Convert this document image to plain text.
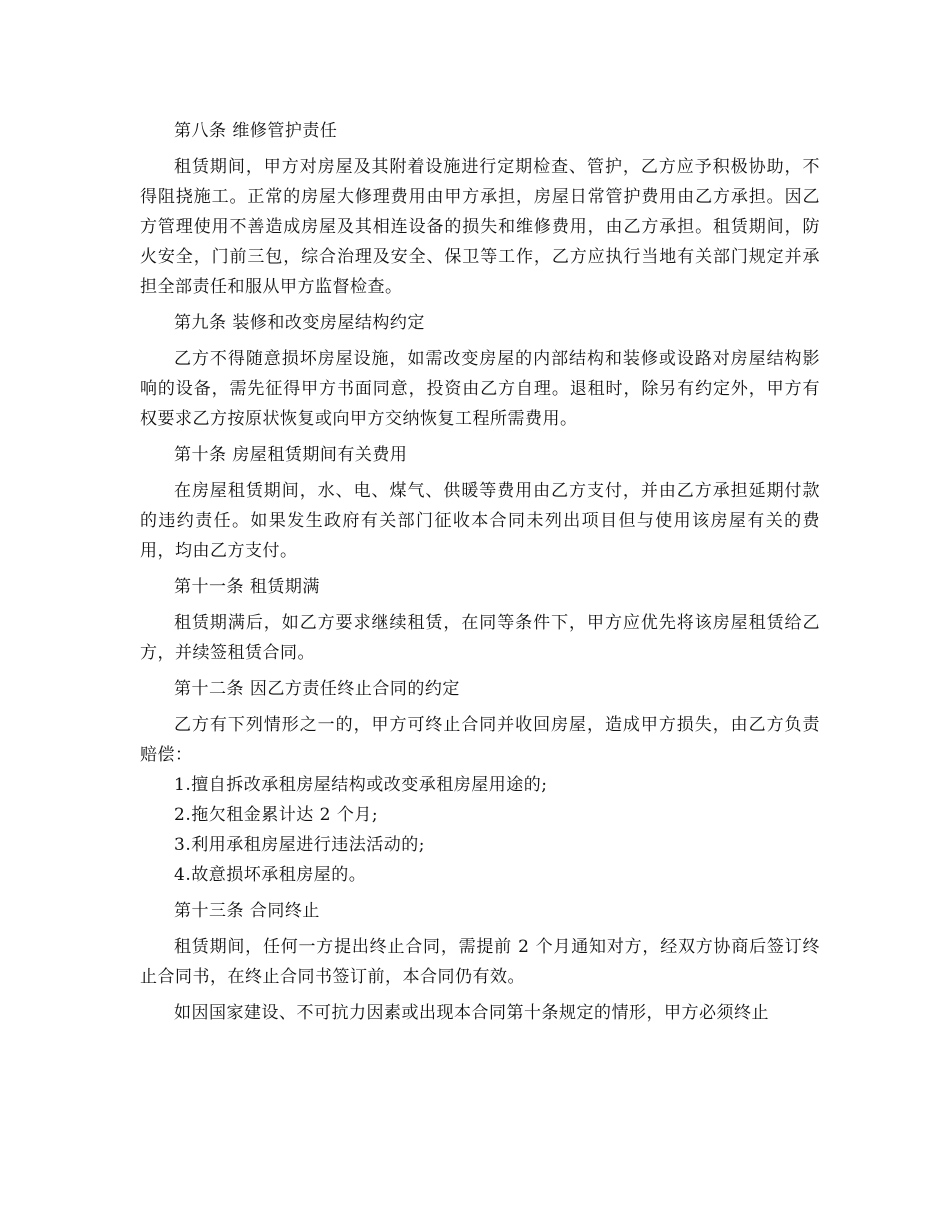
第八条 维修管护责任

租赁期间，甲方对房屋及其附着设施进行定期检查、管护，乙方应予积极协助，不得阻挠施工。正常的房屋大修理费用由甲方承担，房屋日常管护费用由乙方承担。因乙方管理使用不善造成房屋及其相连设备的损失和维修费用，由乙方承担。租赁期间，防火安全，门前三包，综合治理及安全、保卫等工作，乙方应执行当地有关部门规定并承担全部责任和服从甲方监督检查。

第九条 装修和改变房屋结构约定

乙方不得随意损坏房屋设施，如需改变房屋的内部结构和装修或设路对房屋结构影响的设备，需先征得甲方书面同意，投资由乙方自理。退租时，除另有约定外，甲方有权要求乙方按原状恢复或向甲方交纳恢复工程所需费用。

第十条 房屋租赁期间有关费用

在房屋租赁期间，水、电、煤气、供暖等费用由乙方支付，并由乙方承担延期付款的违约责任。如果发生政府有关部门征收本合同未列出项目但与使用该房屋有关的费用，均由乙方支付。

第十一条 租赁期满

租赁期满后，如乙方要求继续租赁，在同等条件下，甲方应优先将该房屋租赁给乙方，并续签租赁合同。

第十二条 因乙方责任终止合同的约定

乙方有下列情形之一的，甲方可终止合同并收回房屋，造成甲方损失，由乙方负责赔偿：

1.擅自拆改承租房屋结构或改变承租房屋用途的;

2.拖欠租金累计达 2 个月;

3.利用承租房屋进行违法活动的;

4.故意损坏承租房屋的。

第十三条 合同终止

租赁期间，任何一方提出终止合同，需提前 2 个月通知对方，经双方协商后签订终止合同书，在终止合同书签订前，本合同仍有效。

如因国家建设、不可抗力因素或出现本合同第十条规定的情形，甲方必须终止
